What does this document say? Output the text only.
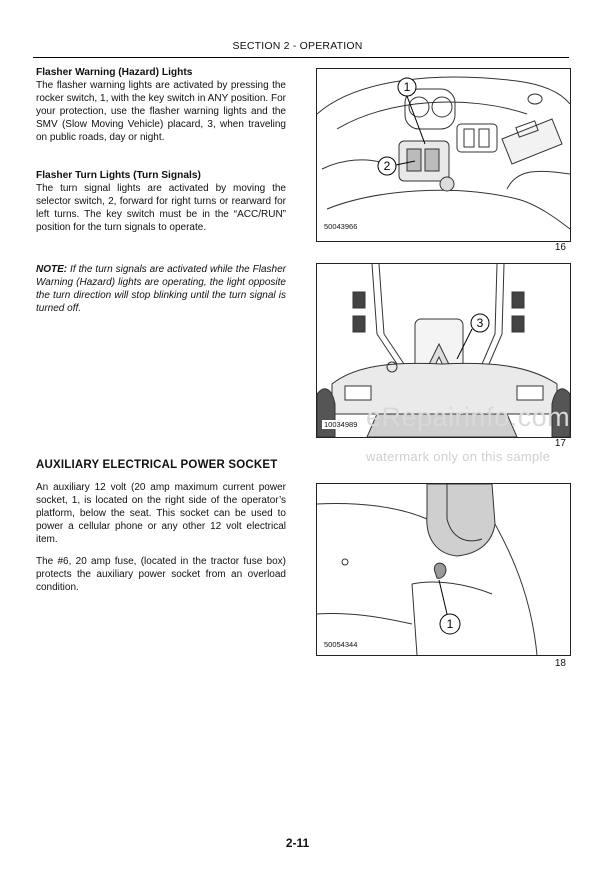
SECTION 2 - OPERATION
Flasher Warning (Hazard) Lights

The flasher warning lights are activated by pressing the rocker switch, 1, with the key switch in ANY position. For your protection, use the flasher warning lights and the SMV (Slow Moving Vehicle) placard, 3, when traveling on public roads, day or night.

Flasher Turn Lights (Turn Signals)

The turn signal lights are activated by moving the selector switch, 2, forward for right turns or rearward for left turns. The key switch must be in the “ACC/RUN” position for the turn signals to operate.

NOTE: If the turn signals are activated while the Flasher Warning (Hazard) lights are operating, the light opposite the turn direction will stop blinking until the turn signal is turned off.
AUXILIARY ELECTRICAL POWER SOCKET

An auxiliary 12 volt (20 amp maximum current power socket, 1, is located on the right side of the operator’s platform, below the seat. This socket can be used to power a cellular phone or any other 12 volt electrical item.

The #6, 20 amp fuse, (located in the tractor fuse box) protects the auxiliary power socket from an overload condition.

1
2
50043966
16
3
10034989
17
1
50054344
18
eRepairinfo.com
watermark only on this sample
2-11
